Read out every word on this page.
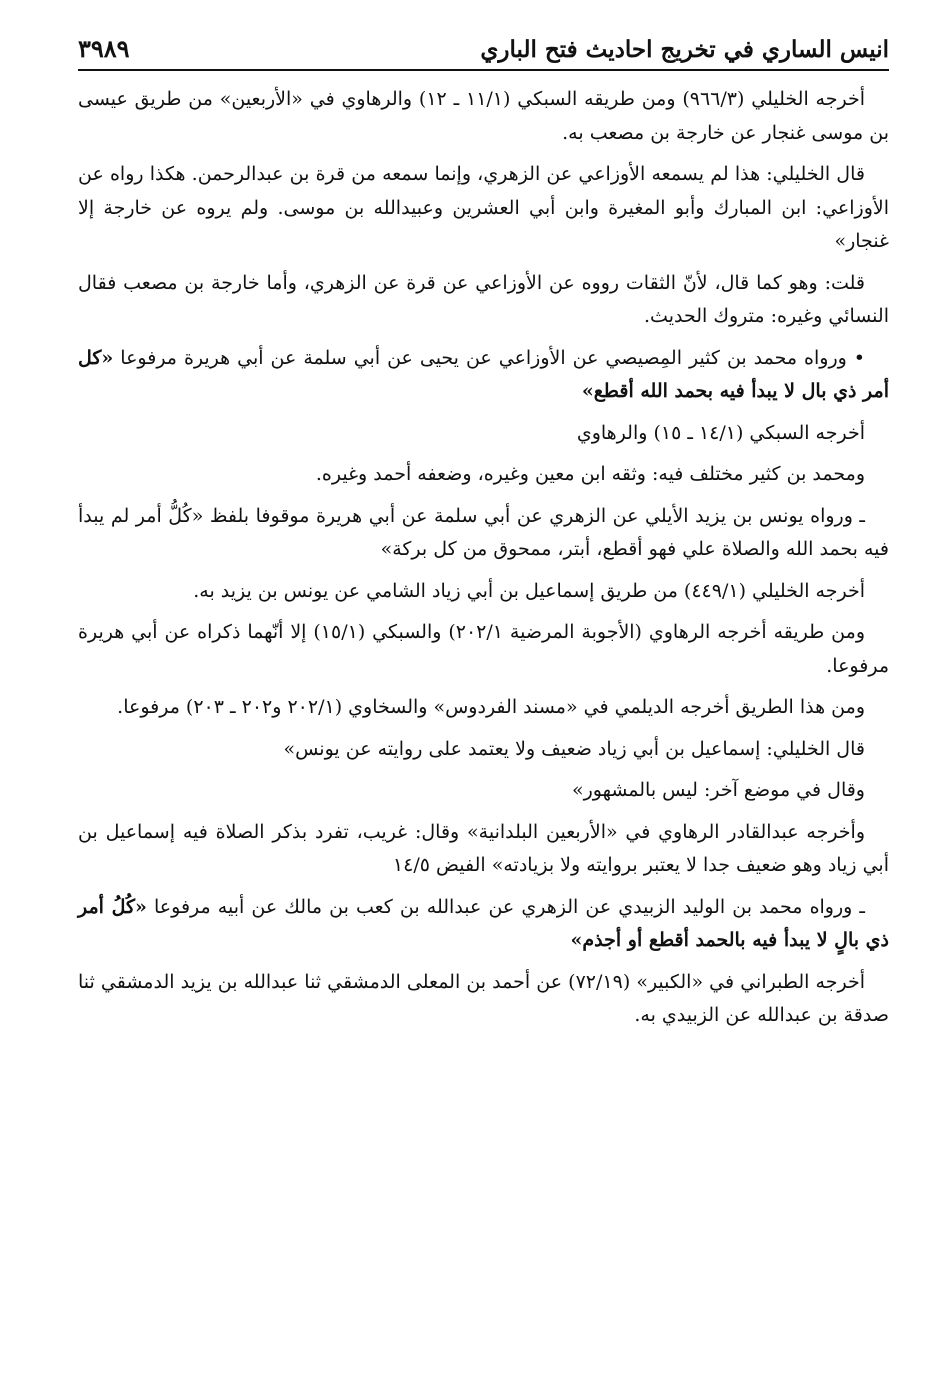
انيس الساري في تخريج احاديث فتح الباري
٣٩٨٩

أخرجه الخليلي (٩٦٦/٣) ومن طريقه السبكي (١١/١ ـ ١٢) والرهاوي في «الأربعين» من طريق عيسى بن موسى غنجار عن خارجة بن مصعب به.

قال الخليلي: هذا لم يسمعه الأوزاعي عن الزهري، وإنما سمعه من قرة بن عبدالرحمن. هكذا رواه عن الأوزاعي: ابن المبارك وأبو المغيرة وابن أبي العشرين وعبيدالله بن موسى. ولم يروه عن خارجة إلا غنجار»

قلت: وهو كما قال، لأنّ الثقات رووه عن الأوزاعي عن قرة عن الزهري، وأما خارجة بن مصعب فقال النسائي وغيره: متروك الحديث.

• ورواه محمد بن كثير المِصيصي عن الأوزاعي عن يحيى عن أبي سلمة عن أبي هريرة مرفوعا «كل أمر ذي بال لا يبدأ فيه بحمد الله أقطع»

أخرجه السبكي (١٤/١ ـ ١٥) والرهاوي

ومحمد بن كثير مختلف فيه: وثقه ابن معين وغيره، وضعفه أحمد وغيره.

ـ ورواه يونس بن يزيد الأيلي عن الزهري عن أبي سلمة عن أبي هريرة موقوفا بلفظ «كُلُّ أمر لم يبدأ فيه بحمد الله والصلاة علي فهو أقطع، أبتر، ممحوق من كل بركة»

أخرجه الخليلي (٤٤٩/١) من طريق إسماعيل بن أبي زياد الشامي عن يونس بن يزيد به.

ومن طريقه أخرجه الرهاوي (الأجوبة المرضية ٢٠٢/١) والسبكي (١٥/١) إلا أنّهما ذكراه عن أبي هريرة مرفوعا.

ومن هذا الطريق أخرجه الديلمي في «مسند الفردوس» والسخاوي (٢٠٢/١ و٢٠٢ ـ ٢٠٣) مرفوعا.

قال الخليلي: إسماعيل بن أبي زياد ضعيف ولا يعتمد على روايته عن يونس»

وقال في موضع آخر: ليس بالمشهور»

وأخرجه عبدالقادر الرهاوي في «الأربعين البلدانية» وقال: غريب، تفرد بذكر الصلاة فيه إسماعيل بن أبي زياد وهو ضعيف جدا لا يعتبر بروايته ولا بزيادته» الفيض ١٤/٥

ـ ورواه محمد بن الوليد الزبيدي عن الزهري عن عبدالله بن كعب بن مالك عن أبيه مرفوعا «كُلُ أمر ذي بالٍ لا يبدأ فيه بالحمد أقطع أو أجذم»

أخرجه الطبراني في «الكبير» (٧٢/١٩) عن أحمد بن المعلى الدمشقي ثنا عبدالله بن يزيد الدمشقي ثنا صدقة بن عبدالله عن الزبيدي به.
